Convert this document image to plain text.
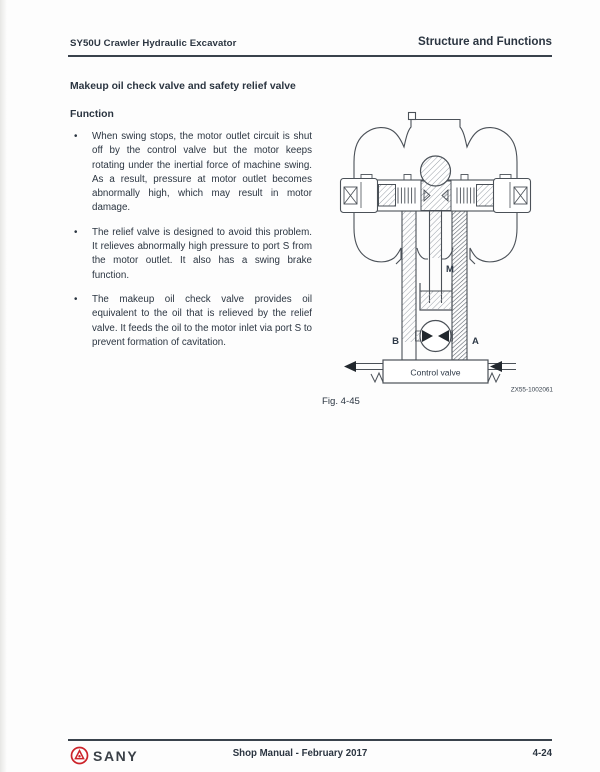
SY50U Crawler Hydraulic Excavator	Structure and Functions
Makeup oil check valve and safety relief valve
Function
•	When swing stops, the motor outlet circuit is shut off by the control valve but the motor keeps rotating under the inertial force of machine swing. As a result, pressure at motor outlet becomes abnormally high, which may result in motor damage.
•	The relief valve is designed to avoid this problem. It relieves abnormally high pressure to port S from the motor outlet. It also has a swing brake function.
•	The makeup oil check valve provides oil equivalent to the oil that is relieved by the relief valve. It feeds the oil to the motor inlet via port S to prevent formation of cavitation.
M
B	A
Control valve
ZX55-1002061
Fig. 4-45
SANY	Shop Manual - February 2017	4-24
